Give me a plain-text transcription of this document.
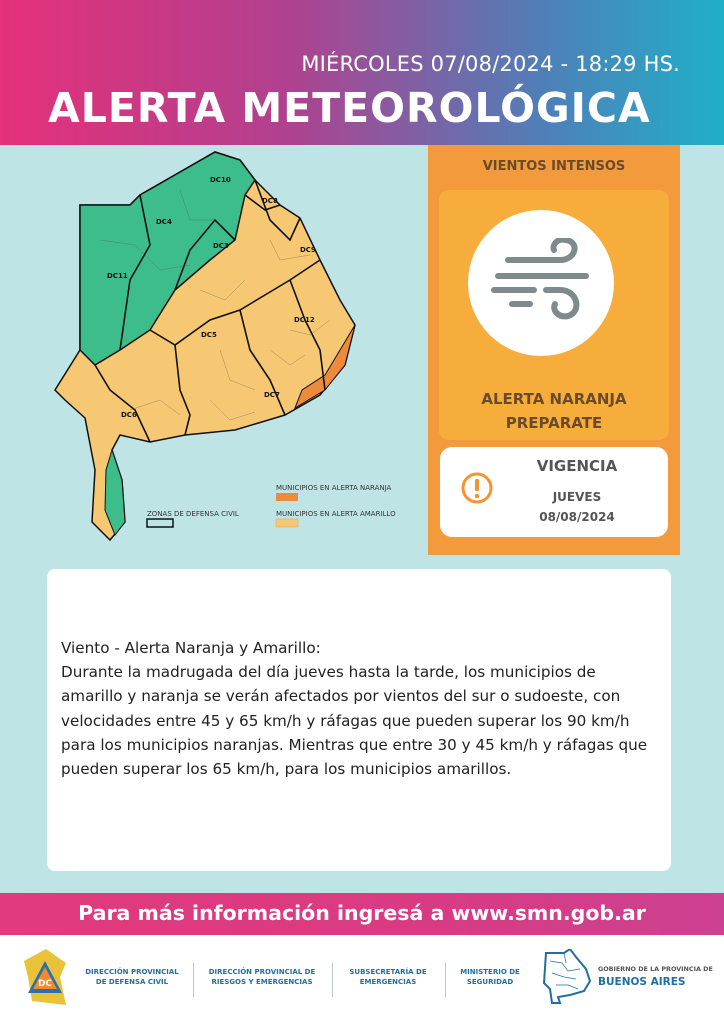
MIÉRCOLES 07/08/2024 - 18:29 HS.
ALERTA METEOROLÓGICA
DC10
DC8
DC4
DC3	DC9
DC11
DC12
DC5
DC7
DC6
MUNICIPIOS EN ALERTA NARANJA
MUNICIPIOS EN ALERTA AMARILLO
ZONAS DE DEFENSA CIVIL
VIENTOS INTENSOS
ALERTA NARANJA
PREPARATE
VIGENCIA
JUEVES
08/08/2024

Viento - Alerta Naranja y Amarillo:

Durante la madrugada del día jueves hasta la tarde, los municipios de amarillo y naranja se verán afectados por vientos del sur o sudoeste, con velocidades entre 45 y 65 km/h y ráfagas que pueden superar los 90 km/h para los municipios naranjas. Mientras que entre 30 y 45 km/h y ráfagas que pueden superar los 65 km/h, para los municipios amarillos.

Para más información ingresá a www.smn.gob.ar
DC
DIRECCIÓN PROVINCIAL
DE DEFENSA CIVIL
DIRECCIÓN PROVINCIAL DE
RIESGOS Y EMERGENCIAS
SUBSECRETARÍA DE
EMERGENCIAS
MINISTERIO DE
SEGURIDAD
GOBIERNO DE LA PROVINCIA DE
BUENOS AIRES
